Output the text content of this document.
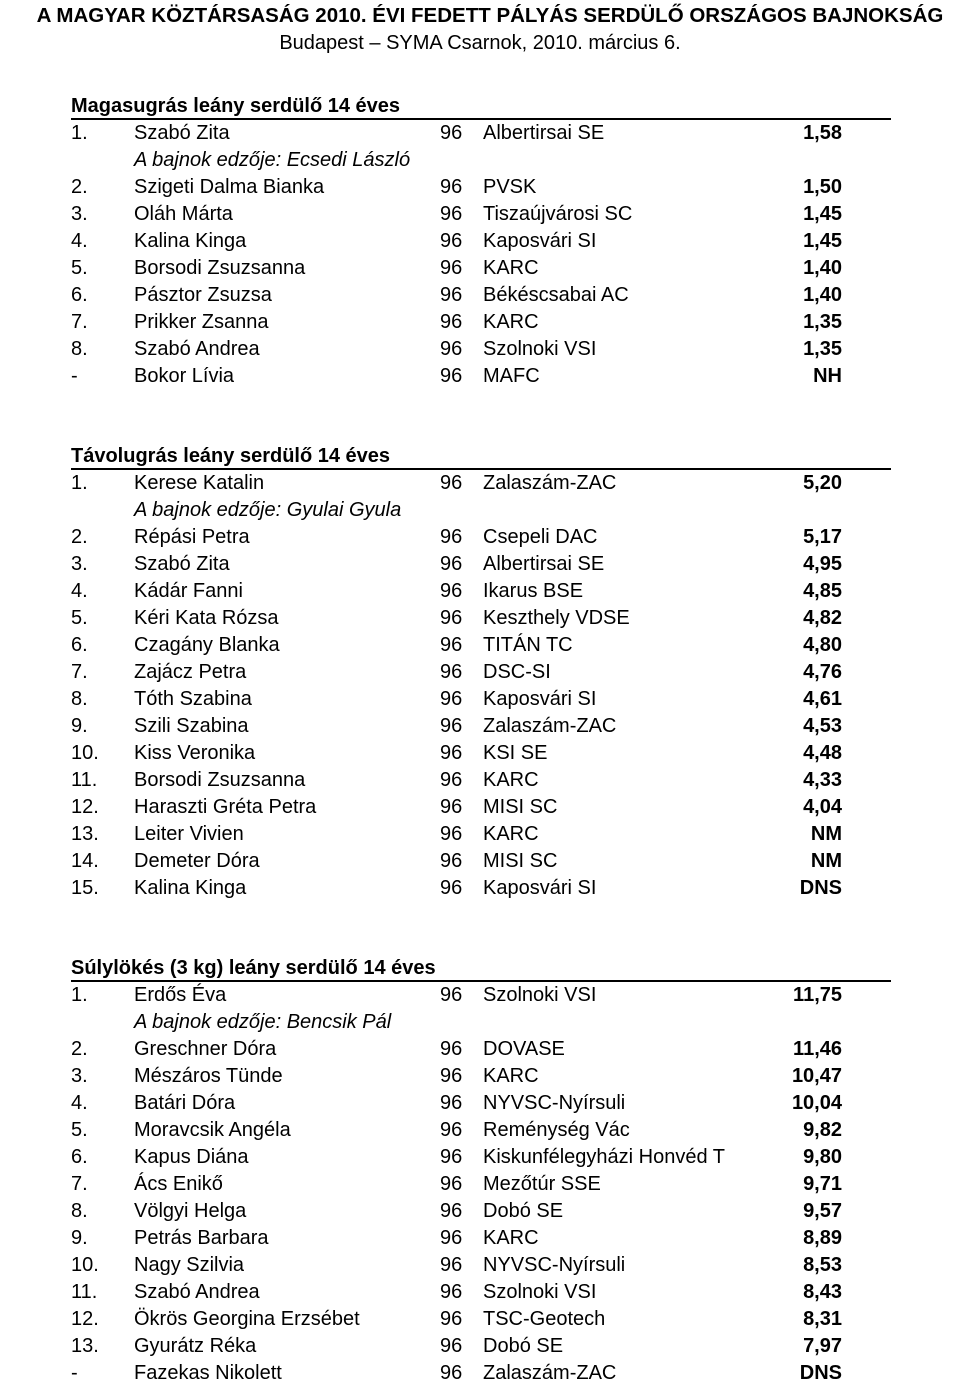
A MAGYAR KÖZTÁRSASÁG 2010. ÉVI FEDETT PÁLYÁS SERDÜLŐ ORSZÁGOS BAJNOKSÁG
Budapest – SYMA Csarnok, 2010. március 6.
Magasugrás leány serdülő 14 éves
1. Szabó Zita	96 Albertirsai SE	1,58
A bajnok edzője: Ecsedi László
2. Szigeti Dalma Bianka	96 PVSK	1,50
3. Oláh Márta	96 Tiszaújvárosi SC	1,45
4. Kalina Kinga	96 Kaposvári SI	1,45
5. Borsodi Zsuzsanna	96 KARC	1,40
6. Pásztor Zsuzsa	96 Békéscsabai AC	1,40
7. Prikker Zsanna	96 KARC	1,35
8. Szabó Andrea	96 Szolnoki VSI	1,35
-	Bokor Lívia	96 MAFC	NH
Távolugrás leány serdülő 14 éves
1. Kerese Katalin	96 Zalaszám-ZAC	5,20
A bajnok edzője: Gyulai Gyula
2. Répási Petra	96 Csepeli DAC	5,17
3. Szabó Zita	96 Albertirsai SE	4,95
4. Kádár Fanni	96 Ikarus BSE	4,85
5. Kéri Kata Rózsa	96 Keszthely VDSE	4,82
6. Czagány Blanka	96 TITÁN TC	4,80
7. Zajácz Petra	96 DSC-SI	4,76
8. Tóth Szabina	96 Kaposvári SI	4,61
9. Szili Szabina	96 Zalaszám-ZAC	4,53
10. Kiss Veronika	96 KSI SE	4,48
11. Borsodi Zsuzsanna	96 KARC	4,33
12. Haraszti Gréta Petra	96 MISI SC	4,04
13. Leiter Vivien	96 KARC	NM
14. Demeter Dóra	96 MISI SC	NM
15. Kalina Kinga	96 Kaposvári SI	DNS
Súlylökés (3 kg) leány serdülő 14 éves
1. Erdős Éva	96 Szolnoki VSI	11,75
A bajnok edzője: Bencsik Pál
2. Greschner Dóra	96 DOVASE	11,46
3. Mészáros Tünde	96 KARC	10,47
4. Batári Dóra	96 NYVSC-Nyírsuli	10,04
5. Moravcsik Angéla	96 Reménység Vác	9,82
6. Kapus Diána	96 Kiskunfélegyházi Honvéd T	9,80
7. Ács Enikő	96 Mezőtúr SSE	9,71
8. Völgyi Helga	96 Dobó SE	9,57
9. Petrás Barbara	96 KARC	8,89
10. Nagy Szilvia	96 NYVSC-Nyírsuli	8,53
11. Szabó Andrea	96 Szolnoki VSI	8,43
12. Ökrös Georgina Erzsébet	96 TSC-Geotech	8,31
13. Gyurátz Réka	96 Dobó SE	7,97
-	Fazekas Nikolett	96 Zalaszám-ZAC	DNS
